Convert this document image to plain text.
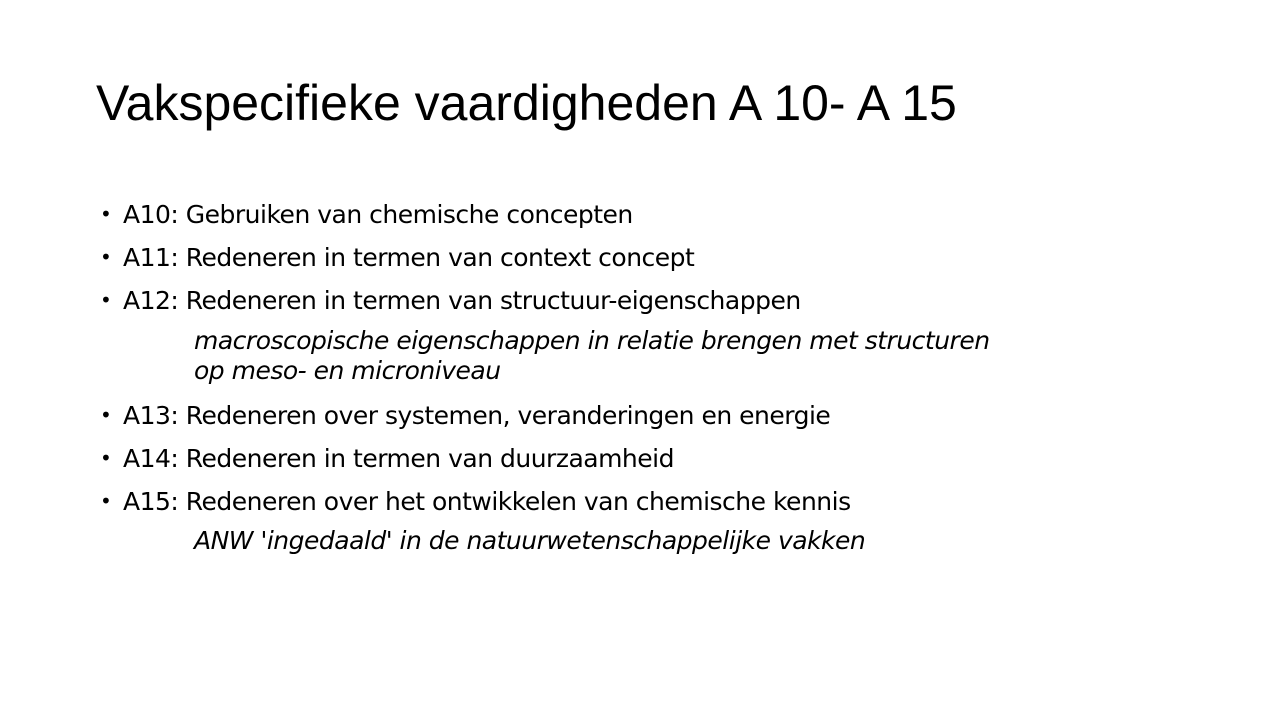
Vakspecifieke vaardigheden A 10- A 15
• A10: Gebruiken van chemische concepten
• A11: Redeneren in termen van context concept
• A12: Redeneren in termen van structuur-eigenschappen
macroscopische eigenschappen in relatie brengen met structuren
op meso- en microniveau
• A13: Redeneren over systemen, veranderingen en energie
• A14: Redeneren in termen van duurzaamheid
• A15: Redeneren over het ontwikkelen van chemische kennis
ANW 'ingedaald' in de natuurwetenschappelijke vakken
